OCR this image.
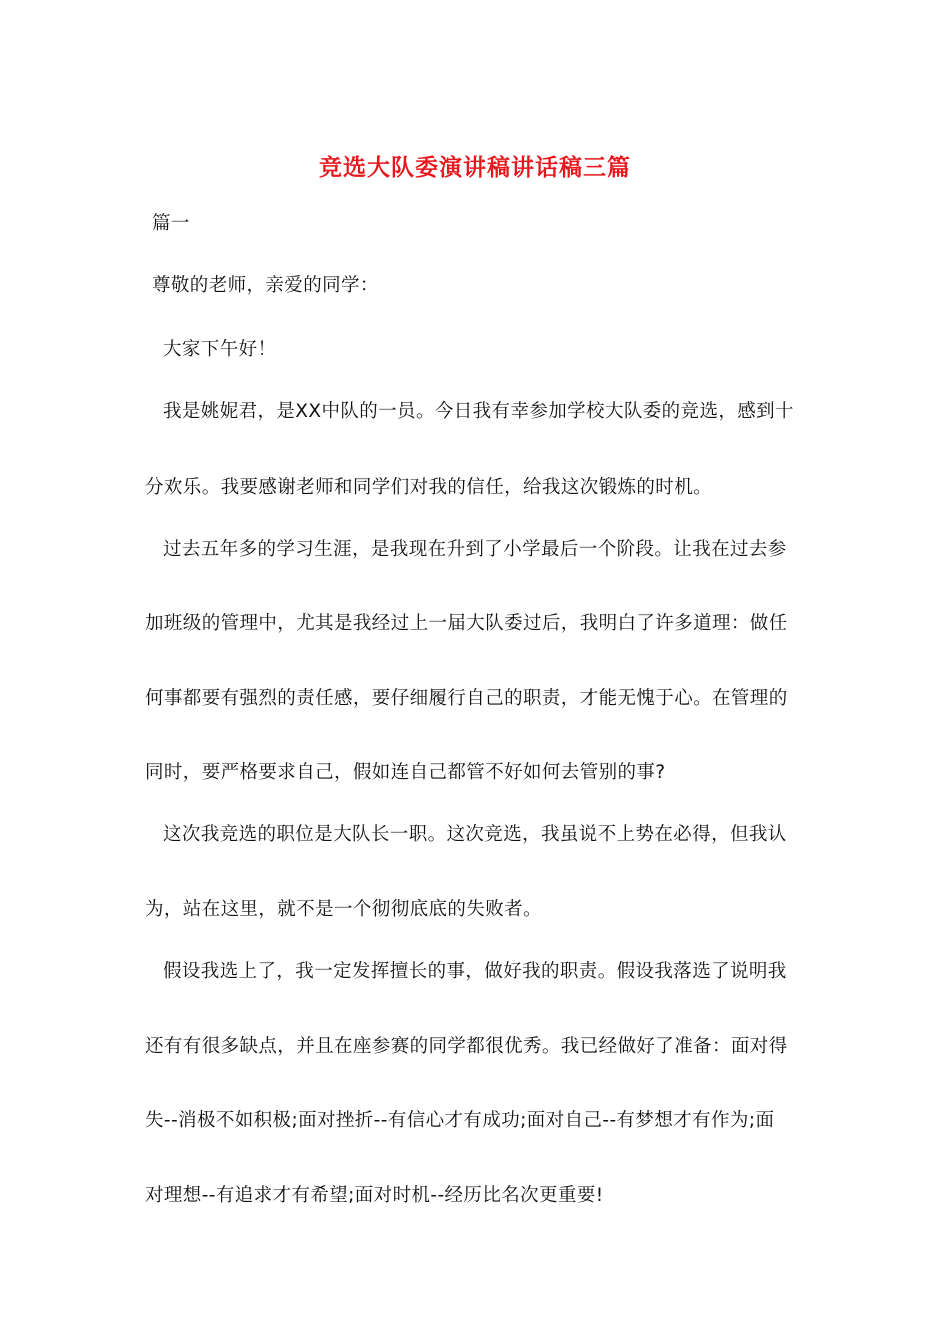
竞选大队委演讲稿讲话稿三篇
篇一
尊敬的老师，亲爱的同学：
大家下午好！
我是姚妮君，是XX中队的一员。今日我有幸参加学校大队委的竞选，感到十
分欢乐。我要感谢老师和同学们对我的信任，给我这次锻炼的时机。
过去五年多的学习生涯，是我现在升到了小学最后一个阶段。让我在过去参
加班级的管理中，尤其是我经过上一届大队委过后，我明白了许多道理：做任
何事都要有强烈的责任感，要仔细履行自己的职责，才能无愧于心。在管理的
同时，要严格要求自己，假如连自己都管不好如何去管别的事?
这次我竞选的职位是大队长一职。这次竞选，我虽说不上势在必得，但我认
为，站在这里，就不是一个彻彻底底的失败者。
假设我选上了，我一定发挥擅长的事，做好我的职责。假设我落选了说明我
还有有很多缺点，并且在座参赛的同学都很优秀。我已经做好了准备：面对得
失--消极不如积极;面对挫折--有信心才有成功;面对自己--有梦想才有作为;面
对理想--有追求才有希望;面对时机--经历比名次更重要!
